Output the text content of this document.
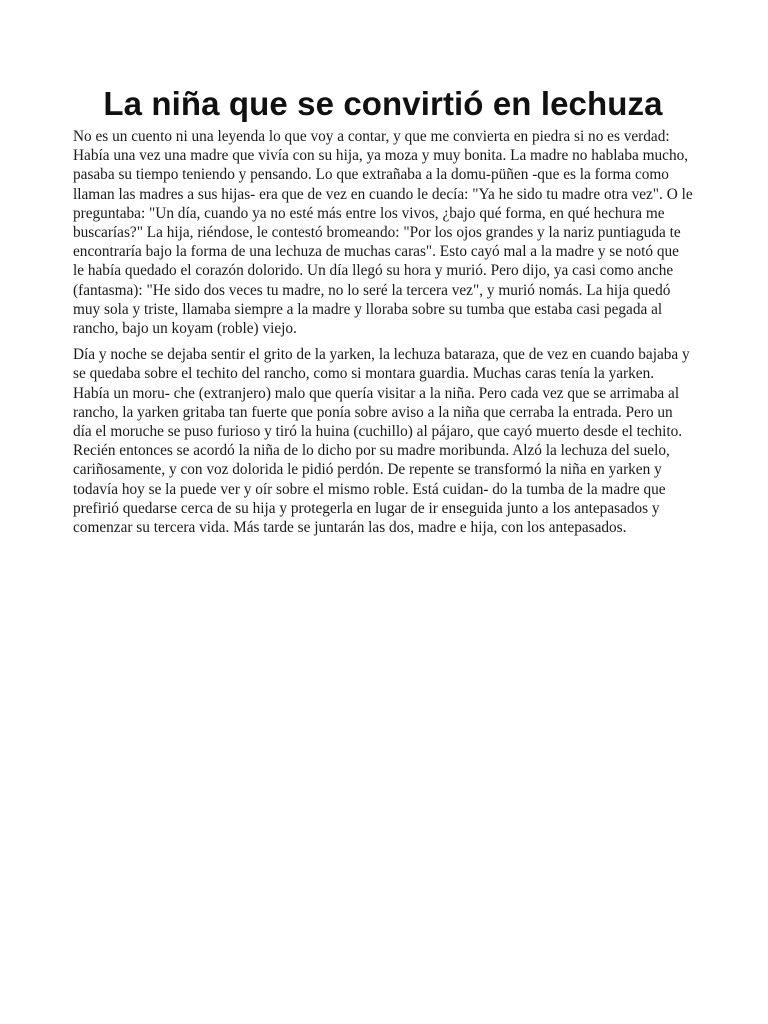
La niña que se convirtió en lechuza

No es un cuento ni una leyenda lo que voy a contar, y que me convierta en piedra si no es verdad: Había una vez una madre que vivía con su hija, ya moza y muy bonita. La madre no hablaba mucho, pasaba su tiempo teniendo y pensando. Lo que extrañaba a la domu-püñen -que es la forma como llaman las madres a sus hijas- era que de vez en cuando le decía: "Ya he sido tu madre otra vez". O le preguntaba: "Un día, cuando ya no esté más entre los vivos, ¿bajo qué forma, en qué hechura me buscarías?" La hija, riéndose, le contestó bromeando: "Por los ojos grandes y la nariz puntiaguda te encontraría bajo la forma de una lechuza de muchas caras". Esto cayó mal a la madre y se notó que le había quedado el corazón dolorido. Un día llegó su hora y murió. Pero dijo, ya casi como anche (fantasma): "He sido dos veces tu madre, no lo seré la tercera vez", y murió nomás. La hija quedó muy sola y triste, llamaba siempre a la madre y lloraba sobre su tumba que estaba casi pegada al rancho, bajo un koyam (roble) viejo.

Día y noche se dejaba sentir el grito de la yarken, la lechuza bataraza, que de vez en cuando bajaba y se quedaba sobre el techito del rancho, como si montara guardia. Muchas caras tenía la yarken. Había un moru- che (extranjero) malo que quería visitar a la niña. Pero cada vez que se arrimaba al rancho, la yarken gritaba tan fuerte que ponía sobre aviso a la niña que cerraba la entrada. Pero un día el moruche se puso furioso y tiró la huina (cuchillo) al pájaro, que cayó muerto desde el techito. Recién entonces se acordó la niña de lo dicho por su madre moribunda. Alzó la lechuza del suelo, cariñosamente, y con voz dolorida le pidió perdón. De repente se transformó la niña en yarken y todavía hoy se la puede ver y oír sobre el mismo roble. Está cuidan- do la tumba de la madre que prefirió quedarse cerca de su hija y protegerla en lugar de ir enseguida junto a los antepasados y comenzar su tercera vida. Más tarde se juntarán las dos, madre e hija, con los antepasados.
